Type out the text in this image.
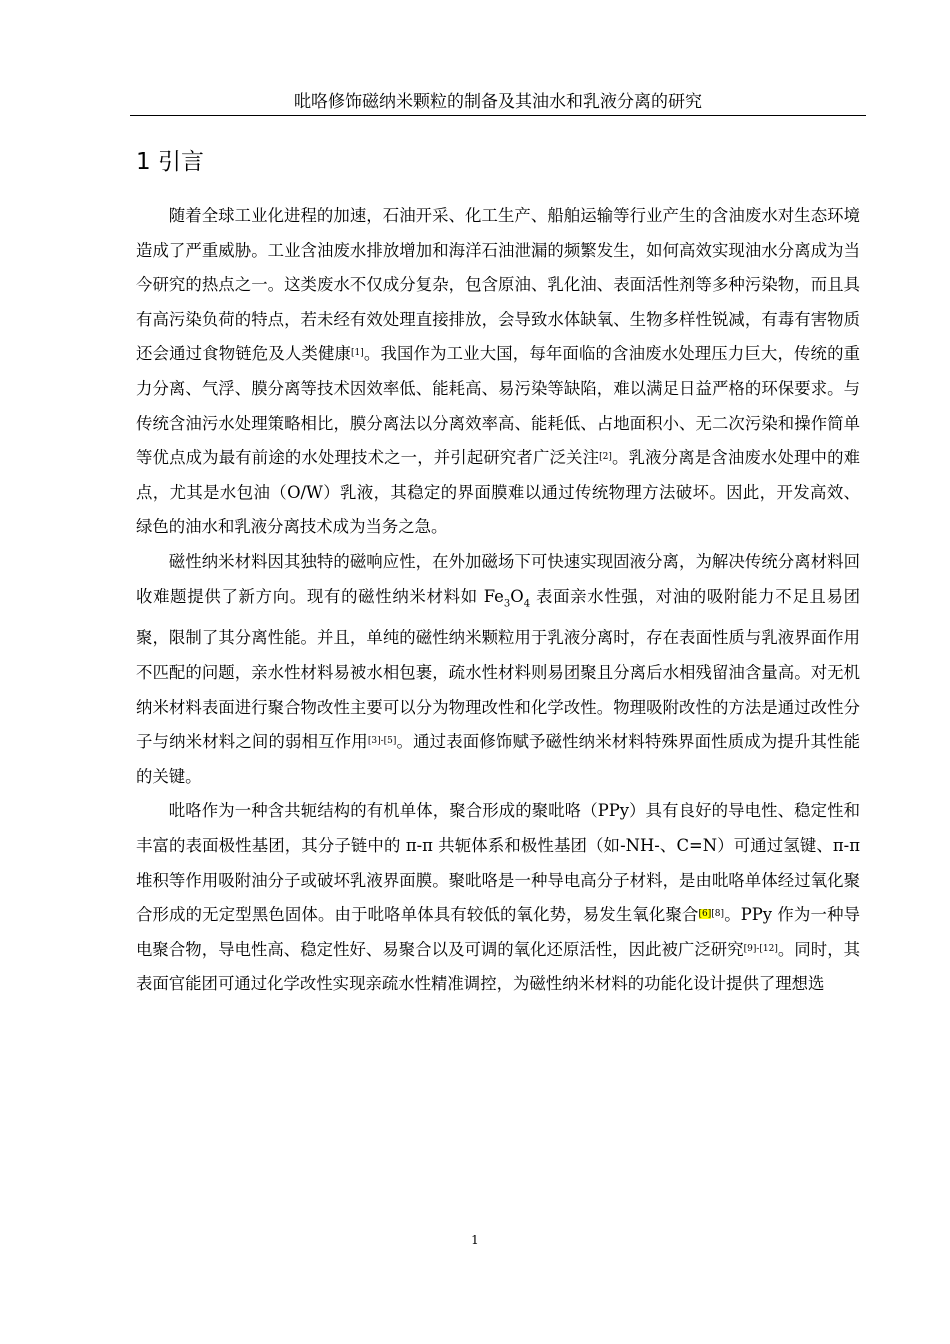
吡咯修饰磁纳米颗粒的制备及其油水和乳液分离的研究
1 引言

随着全球工业化进程的加速，石油开采、化工生产、船舶运输等行业产生的含油废水对生态环境造成了严重威胁。工业含油废水排放增加和海洋石油泄漏的频繁发生，如何高效实现油水分离成为当今研究的热点之一。这类废水不仅成分复杂，包含原油、乳化油、表面活性剂等多种污染物，而且具有高污染负荷的特点，若未经有效处理直接排放，会导致水体缺氧、生物多样性锐减，有毒有害物质还会通过食物链危及人类健康[1]。我国作为工业大国，每年面临的含油废水处理压力巨大，传统的重力分离、气浮、膜分离等技术因效率低、能耗高、易污染等缺陷，难以满足日益严格的环保要求。与传统含油污水处理策略相比，膜分离法以分离效率高、能耗低、占地面积小、无二次污染和操作简单等优点成为最有前途的水处理技术之一，并引起研究者广泛关注[2]。乳液分离是含油废水处理中的难点，尤其是水包油（O/W）乳液，其稳定的界面膜难以通过传统物理方法破坏。因此，开发高效、绿色的油水和乳液分离技术成为当务之急。

磁性纳米材料因其独特的磁响应性，在外加磁场下可快速实现固液分离，为解决传统分离材料回收难题提供了新方向。现有的磁性纳米材料如 $Fe_3O_4$ 表面亲水性强，对油的吸附能力不足且易团聚，限制了其分离性能。并且，单纯的磁性纳米颗粒用于乳液分离时，存在表面性质与乳液界面作用不匹配的问题，亲水性材料易被水相包裹，疏水性材料则易团聚且分离后水相残留油含量高。对无机纳米材料表面进行聚合物改性主要可以分为物理改性和化学改性。物理吸附改性的方法是通过改性分子与纳米材料之间的弱相互作用[3]-[5]。通过表面修饰赋予磁性纳米材料特殊界面性质成为提升其性能的关键。

吡咯作为一种含共轭结构的有机单体，聚合形成的聚吡咯（PPy）具有良好的导电性、稳定性和丰富的表面极性基团，其分子链中的 π-π 共轭体系和极性基团（如-NH-、C=N）可通过氢键、π-π 堆积等作用吸附油分子或破坏乳液界面膜。聚吡咯是一种导电高分子材料，是由吡咯单体经过氧化聚合形成的无定型黑色固体。由于吡咯单体具有较低的氧化势，易发生氧化聚合[6][8]。PPy 作为一种导电聚合物，导电性高、稳定性好、易聚合以及可调的氧化还原活性，因此被广泛研究[9]-[12]。同时，其表面官能团可通过化学改性实现亲疏水性精准调控，为磁性纳米材料的功能化设计提供了理想选

1
